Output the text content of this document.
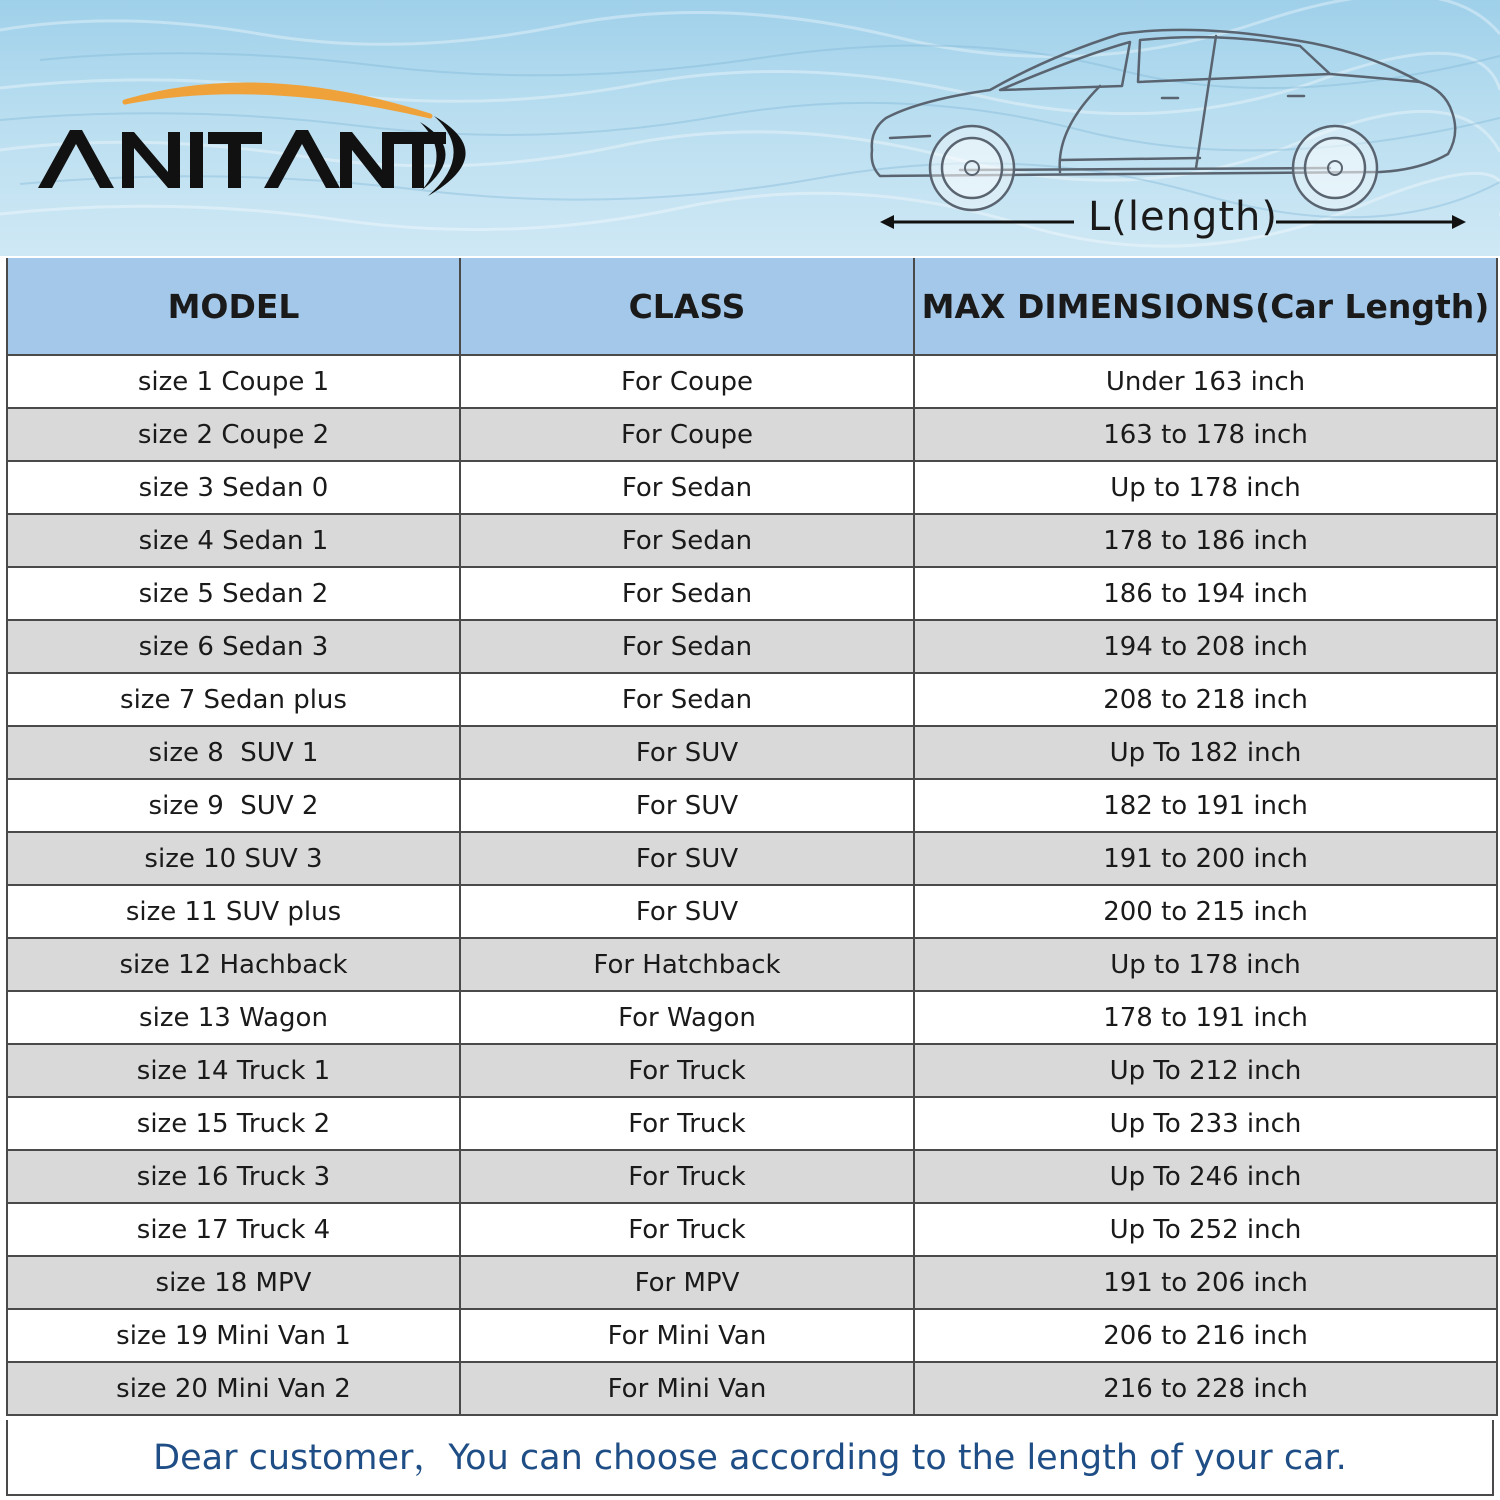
L(length)
MODEL	CLASS	MAX DIMENSIONS(Car Length)
size 1 Coupe 1	For Coupe	Under 163 inch
size 2 Coupe 2	For Coupe	163 to 178 inch
size 3 Sedan 0	For Sedan	Up to 178 inch
size 4 Sedan 1	For Sedan	178 to 186 inch
size 5 Sedan 2	For Sedan	186 to 194 inch
size 6 Sedan 3	For Sedan	194 to 208 inch
size 7 Sedan plus	For Sedan	208 to 218 inch
size 8  SUV 1	For SUV	Up To 182 inch
size 9  SUV 2	For SUV	182 to 191 inch
size 10 SUV 3	For SUV	191 to 200 inch
size 11 SUV plus	For SUV	200 to 215 inch
size 12 Hachback	For Hatchback	Up to 178 inch
size 13 Wagon	For Wagon	178 to 191 inch
size 14 Truck 1	For Truck	Up To 212 inch
size 15 Truck 2	For Truck	Up To 233 inch
size 16 Truck 3	For Truck	Up To 246 inch
size 17 Truck 4	For Truck	Up To 252 inch
size 18 MPV	For MPV	191 to 206 inch
size 19 Mini Van 1	For Mini Van	206 to 216 inch
size 20 Mini Van 2	For Mini Van	216 to 228 inch
Dear customer，You can choose according to the length of your car.
